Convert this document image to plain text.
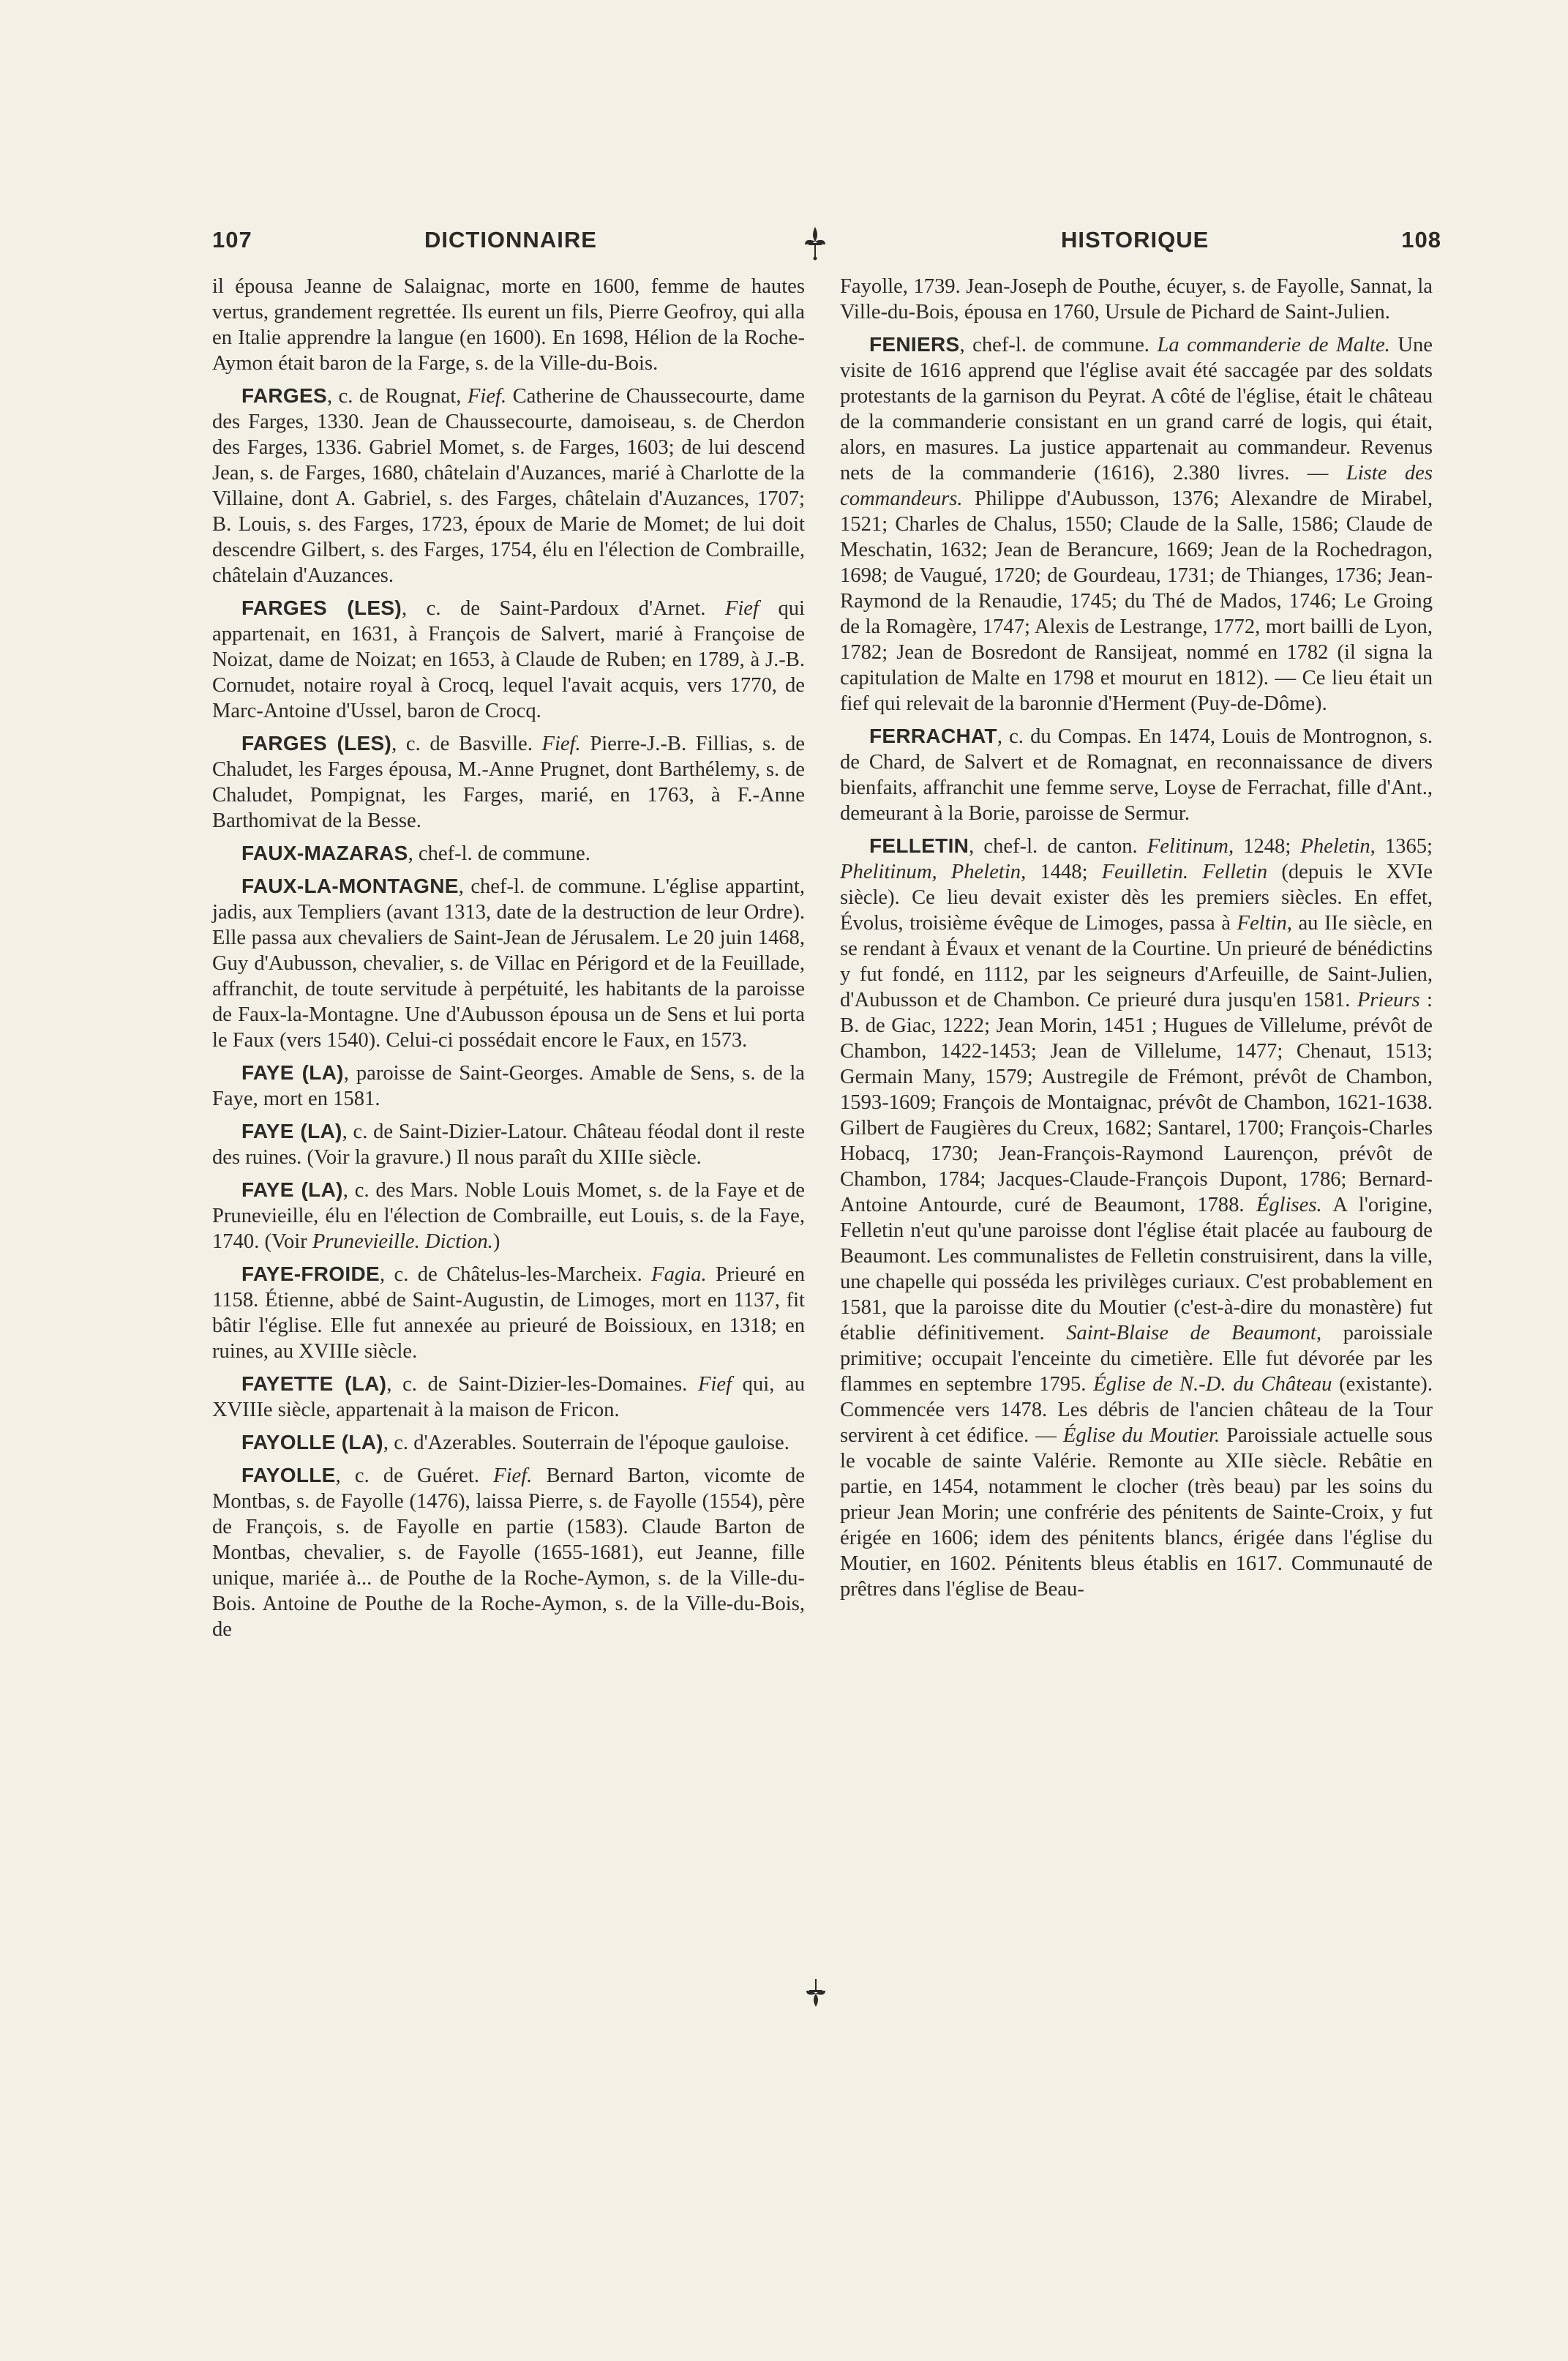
107	DICTIONNAIRE	HISTORIQUE	108

il épousa Jeanne de Salaignac, morte en 1600, femme de hautes vertus, grandement regrettée. Ils eurent un fils, Pierre Geofroy, qui alla en Italie apprendre la langue (en 1600). En 1698, Hélion de la Roche-Aymon était baron de la Farge, s. de la Ville-du-Bois.

FARGES, c. de Rougnat, Fief. Catherine de Chaussecourte, dame des Farges, 1330. Jean de Chaussecourte, damoiseau, s. de Cherdon des Farges, 1336. Gabriel Momet, s. de Farges, 1603; de lui descend Jean, s. de Farges, 1680, châtelain d'Auzances, marié à Charlotte de la Villaine, dont A. Gabriel, s. des Farges, châtelain d'Auzances, 1707; B. Louis, s. des Farges, 1723, époux de Marie de Momet; de lui doit descendre Gilbert, s. des Farges, 1754, élu en l'élection de Combraille, châtelain d'Auzances.

FARGES (LES), c. de Saint-Pardoux d'Arnet. Fief qui appartenait, en 1631, à François de Salvert, marié à Françoise de Noizat, dame de Noizat; en 1653, à Claude de Ruben; en 1789, à J.-B. Cornudet, notaire royal à Crocq, lequel l'avait acquis, vers 1770, de Marc-Antoine d'Ussel, baron de Crocq.

FARGES (LES), c. de Basville. Fief. Pierre-J.-B. Fillias, s. de Chaludet, les Farges épousa, M.-Anne Prugnet, dont Barthélemy, s. de Chaludet, Pompignat, les Farges, marié, en 1763, à F.-Anne Barthomivat de la Besse.

FAUX-MAZARAS, chef-l. de commune.

FAUX-LA-MONTAGNE, chef-l. de commune. L'église appartint, jadis, aux Templiers (avant 1313, date de la destruction de leur Ordre). Elle passa aux chevaliers de Saint-Jean de Jérusalem. Le 20 juin 1468, Guy d'Aubusson, chevalier, s. de Villac en Périgord et de la Feuillade, affranchit, de toute servitude à perpétuité, les habitants de la paroisse de Faux-la-Montagne. Une d'Aubusson épousa un de Sens et lui porta le Faux (vers 1540). Celui-ci possédait encore le Faux, en 1573.

FAYE (LA), paroisse de Saint-Georges. Amable de Sens, s. de la Faye, mort en 1581.

FAYE (LA), c. de Saint-Dizier-Latour. Château féodal dont il reste des ruines. (Voir la gravure.) Il nous paraît du XIIIe siècle.

FAYE (LA), c. des Mars. Noble Louis Momet, s. de la Faye et de Prunevieille, élu en l'élection de Combraille, eut Louis, s. de la Faye, 1740. (Voir Prunevieille. Diction.)

FAYE-FROIDE, c. de Châtelus-les-Marcheix. Fagia. Prieuré en 1158. Étienne, abbé de Saint-Augustin, de Limoges, mort en 1137, fit bâtir l'église. Elle fut annexée au prieuré de Boissioux, en 1318; en ruines, au XVIIIe siècle.

FAYETTE (LA), c. de Saint-Dizier-les-Domaines. Fief qui, au XVIIIe siècle, appartenait à la maison de Fricon.

FAYOLLE (LA), c. d'Azerables. Souterrain de l'époque gauloise.

FAYOLLE, c. de Guéret. Fief. Bernard Barton, vicomte de Montbas, s. de Fayolle (1476), laissa Pierre, s. de Fayolle (1554), père de François, s. de Fayolle en partie (1583). Claude Barton de Montbas, chevalier, s. de Fayolle (1655-1681), eut Jeanne, fille unique, mariée à... de Pouthe de la Roche-Aymon, s. de la Ville-du-Bois. Antoine de Pouthe de la Roche-Aymon, s. de la Ville-du-Bois, de

Fayolle, 1739. Jean-Joseph de Pouthe, écuyer, s. de Fayolle, Sannat, la Ville-du-Bois, épousa en 1760, Ursule de Pichard de Saint-Julien.

FENIERS, chef-l. de commune. La commanderie de Malte. Une visite de 1616 apprend que l'église avait été saccagée par des soldats protestants de la garnison du Peyrat. A côté de l'église, était le château de la commanderie consistant en un grand carré de logis, qui était, alors, en masures. La justice appartenait au commandeur. Revenus nets de la commanderie (1616), 2.380 livres. — Liste des commandeurs. Philippe d'Aubusson, 1376; Alexandre de Mirabel, 1521; Charles de Chalus, 1550; Claude de la Salle, 1586; Claude de Meschatin, 1632; Jean de Berancure, 1669; Jean de la Rochedragon, 1698; de Vaugué, 1720; de Gourdeau, 1731; de Thianges, 1736; Jean-Raymond de la Renaudie, 1745; du Thé de Mados, 1746; Le Groing de la Romagère, 1747; Alexis de Lestrange, 1772, mort bailli de Lyon, 1782; Jean de Bosredont de Ransijeat, nommé en 1782 (il signa la capitulation de Malte en 1798 et mourut en 1812). — Ce lieu était un fief qui relevait de la baronnie d'Herment (Puy-de-Dôme).

FERRACHAT, c. du Compas. En 1474, Louis de Montrognon, s. de Chard, de Salvert et de Romagnat, en reconnaissance de divers bienfaits, affranchit une femme serve, Loyse de Ferrachat, fille d'Ant., demeurant à la Borie, paroisse de Sermur.

FELLETIN, chef-l. de canton. Felitinum, 1248; Pheletin, 1365; Phelitinum, Pheletin, 1448; Feuilletin. Felletin (depuis le XVIe siècle). Ce lieu devait exister dès les premiers siècles. En effet, Évolus, troisième évêque de Limoges, passa à Feltin, au IIe siècle, en se rendant à Évaux et venant de la Courtine. Un prieuré de bénédictins y fut fondé, en 1112, par les seigneurs d'Arfeuille, de Saint-Julien, d'Aubusson et de Chambon. Ce prieuré dura jusqu'en 1581. Prieurs : B. de Giac, 1222; Jean Morin, 1451 ; Hugues de Villelume, prévôt de Chambon, 1422-1453; Jean de Villelume, 1477; Chenaut, 1513; Germain Many, 1579; Austregile de Frémont, prévôt de Chambon, 1593-1609; François de Montaignac, prévôt de Chambon, 1621-1638. Gilbert de Faugières du Creux, 1682; Santarel, 1700; François-Charles Hobacq, 1730; Jean-François-Raymond Laurençon, prévôt de Chambon, 1784; Jacques-Claude-François Dupont, 1786; Bernard-Antoine Antourde, curé de Beaumont, 1788. Églises. A l'origine, Felletin n'eut qu'une paroisse dont l'église était placée au faubourg de Beaumont. Les communalistes de Felletin construisirent, dans la ville, une chapelle qui posséda les privilèges curiaux. C'est probablement en 1581, que la paroisse dite du Moutier (c'est-à-dire du monastère) fut établie définitivement. Saint-Blaise de Beaumont, paroissiale primitive; occupait l'enceinte du cimetière. Elle fut dévorée par les flammes en septembre 1795. Église de N.-D. du Château (existante). Commencée vers 1478. Les débris de l'ancien château de la Tour servirent à cet édifice. — Église du Moutier. Paroissiale actuelle sous le vocable de sainte Valérie. Remonte au XIIe siècle. Rebâtie en partie, en 1454, notamment le clocher (très beau) par les soins du prieur Jean Morin; une confrérie des pénitents de Sainte-Croix, y fut érigée en 1606; idem des pénitents blancs, érigée dans l'église du Moutier, en 1602. Pénitents bleus établis en 1617. Communauté de prêtres dans l'église de Beau-
